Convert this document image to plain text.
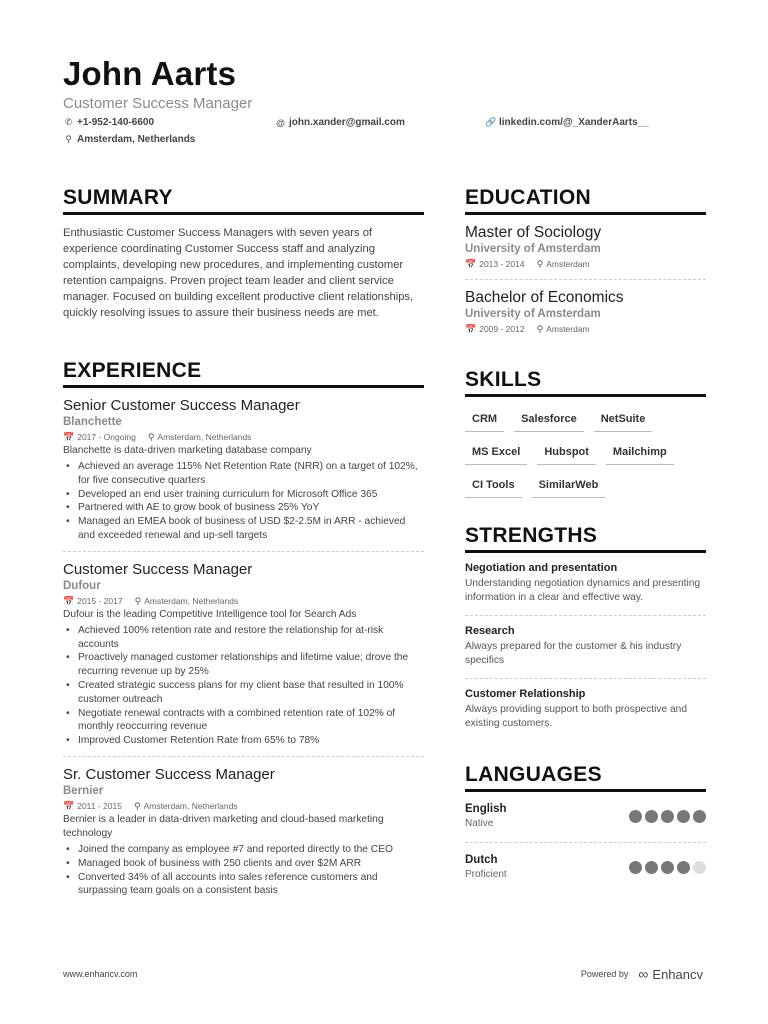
John Aarts
Customer Success Manager
✆ +1-952-140-6600	@ john.xander@gmail.com	🔗 linkedin.com/@_XanderAarts__
⚲ Amsterdam, Netherlands
SUMMARY
Enthusiastic Customer Success Managers with seven years of experience coordinating Customer Success staff and analyzing complaints, developing new procedures, and implementing customer retention campaigns. Proven project team leader and client service manager. Focused on building excellent productive client relationships, quickly resolving issues to assure their business needs are met.
EXPERIENCE
Senior Customer Success Manager
Blanchette
📅 2017 - Ongoing ⚲ Amsterdam, Netherlands
Blanchette is data-driven marketing database company
• Achieved an average 115% Net Retention Rate (NRR) on a target of 102%, for five consecutive quarters
• Developed an end user training curriculum for Microsoft Office 365
• Partnered with AE to grow book of business 25% YoY
• Managed an EMEA book of business of USD $2-2.5M in ARR - achieved and exceeded renewal and up-sell targets
Customer Success Manager
Dufour
📅 2015 - 2017 ⚲ Amsterdam, Netherlands
Dufour is the leading Competitive Intelligence tool for Search Ads
• Achieved 100% retention rate and restore the relationship for at-risk accounts
• Proactively managed customer relationships and lifetime value; drove the recurring revenue up by 25%
• Created strategic success plans for my client base that resulted in 100% customer outreach
• Negotiate renewal contracts with a combined retention rate of 102% of monthly reoccurring revenue
• Improved Customer Retention Rate from 65% to 78%
Sr. Customer Success Manager
Bernier
📅 2011 - 2015 ⚲ Amsterdam, Netherlands
Bernier is a leader in data-driven marketing and cloud-based marketing technology
• Joined the company as employee #7 and reported directly to the CEO
• Managed book of business with 250 clients and over $2M ARR
• Converted 34% of all accounts into sales reference customers and surpassing team goals on a consistent basis
EDUCATION
Master of Sociology
University of Amsterdam
📅 2013 - 2014 ⚲ Amsterdam
Bachelor of Economics
University of Amsterdam
📅 2009 - 2012 ⚲ Amsterdam
SKILLS
CRM	Salesforce	NetSuite
MS Excel	Hubspot	Mailchimp
CI Tools	SimilarWeb
STRENGTHS
Negotiation and presentation
Understanding negotiation dynamics and presenting information in a clear and effective way.
Research
Always prepared for the customer & his industry specifics
Customer Relationship
Always providing support to both prospective and existing customers.
LANGUAGES
English
Native
Dutch
Proficient
www.enhancv.com	Powered by ∞ Enhancv
